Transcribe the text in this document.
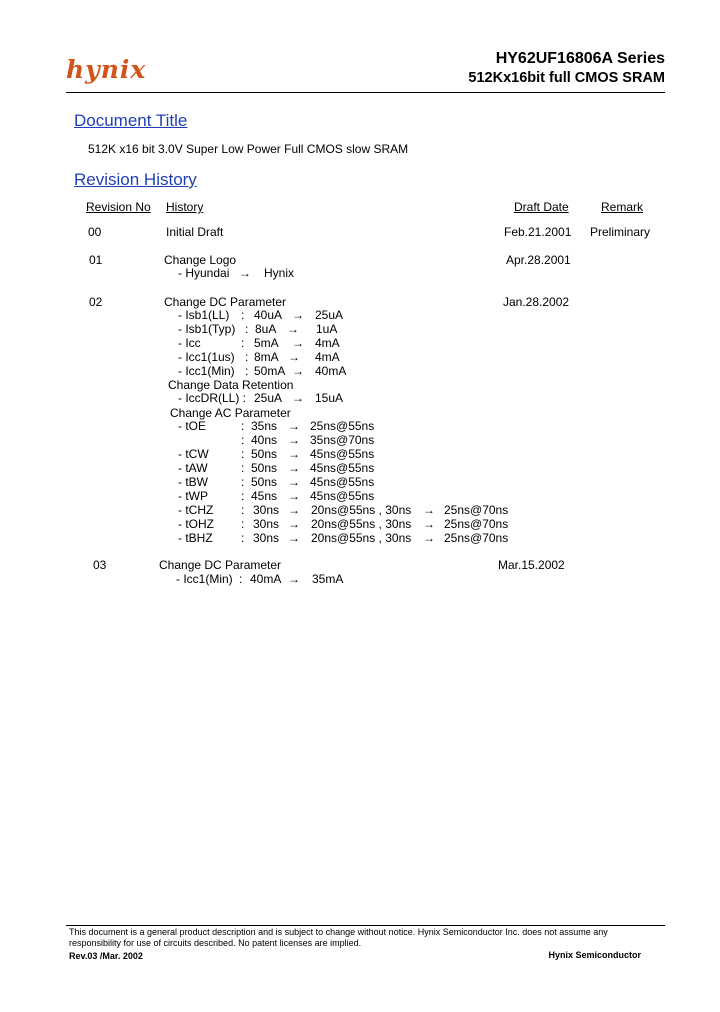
hynix	HY62UF16806A Series
512Kx16bit full CMOS SRAM
Document Title
512K x16 bit 3.0V Super Low Power Full CMOS slow SRAM
Revision History
Revision No History	Draft Date	Remark
00	Initial Draft	Feb.21.2001 Preliminary
01	Change Logo	Apr.28.2001
- Hyundai → Hynix
02	Change DC Parameter	Jan.28.2002
- Isb1(LL) : 40uA → 25uA
- Isb1(Typ) : 8uA → 1uA
- Icc	: 5mA → 4mA
- Icc1(1us) : 8mA → 4mA
- Icc1(Min) : 50mA → 40mA
Change Data Retention
- IccDR(LL) : 25uA → 15uA
Change AC Parameter
- tOE	: 35ns → 25ns@55ns
: 40ns → 35ns@70ns
- tCW	: 50ns → 45ns@55ns
- tAW	: 50ns → 45ns@55ns
- tBW	: 50ns → 45ns@55ns
- tWP	: 45ns → 45ns@55ns
- tCHZ : 30ns → 20ns@55ns , 30ns → 25ns@70ns
- tOHZ : 30ns → 20ns@55ns , 30ns → 25ns@70ns
- tBHZ : 30ns → 20ns@55ns , 30ns → 25ns@70ns
03	Change DC Parameter	Mar.15.2002
- Icc1(Min) : 40mA → 35mA
This document is a general product description and is subject to change without notice. Hynix Semiconductor Inc. does not assume any
responsibility for use of circuits described. No patent licenses are implied.
Rev.03 /Mar. 2002	Hynix Semiconductor
